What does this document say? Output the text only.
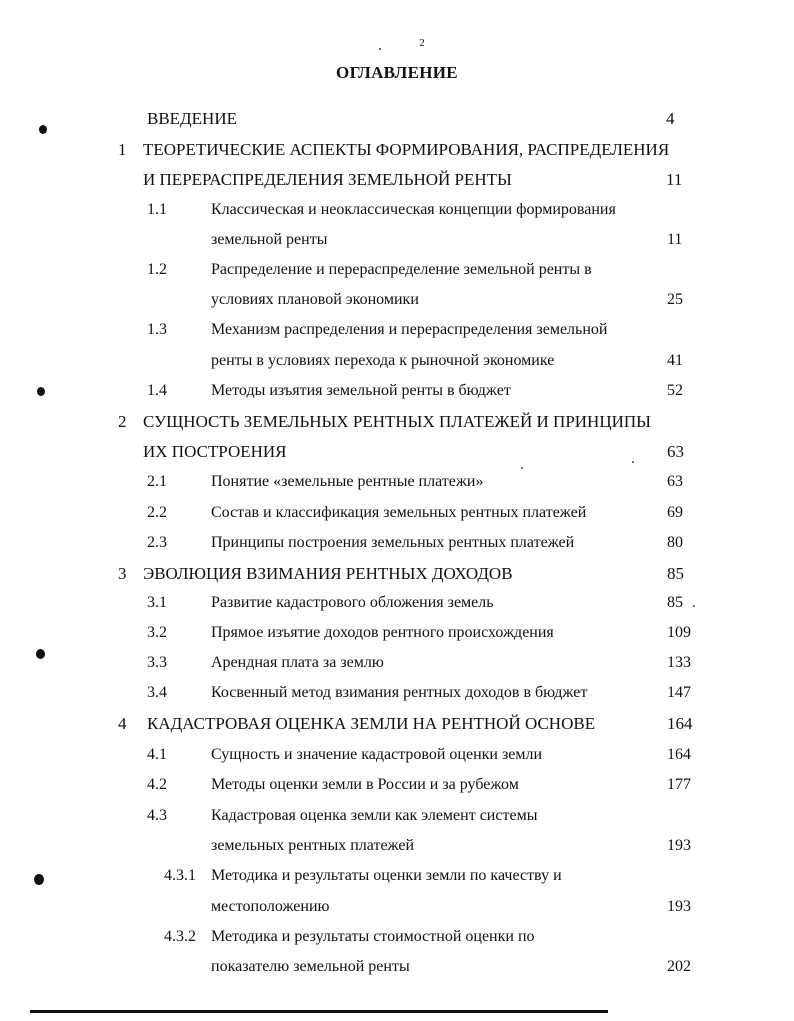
2
ОГЛАВЛЕНИЕ
ВВЕДЕНИЕ	4
1 ТЕОРЕТИЧЕСКИЕ АСПЕКТЫ ФОРМИРОВАНИЯ, РАСПРЕДЕЛЕНИЯ
И ПЕРЕРАСПРЕДЕЛЕНИЯ ЗЕМЕЛЬНОЙ РЕНТЫ	11
1.1	Классическая и неоклассическая концепции формирования
земельной ренты	11
1.2	Распределение и перераспределение земельной ренты в
условиях плановой экономики	25
1.3	Механизм распределения и перераспределения земельной
ренты в условиях перехода к рыночной экономике	41
1.4	Методы изъятия земельной ренты в бюджет	52
2 СУЩНОСТЬ ЗЕМЕЛЬНЫХ РЕНТНЫХ ПЛАТЕЖЕЙ И ПРИНЦИПЫ
ИХ ПОСТРОЕНИЯ	63
2.1	Понятие «земельные рентные платежи»	63
2.2	Состав и классификация земельных рентных платежей	69
2.3	Принципы построения земельных рентных платежей	80
3 ЭВОЛЮЦИЯ ВЗИМАНИЯ РЕНТНЫХ ДОХОДОВ	85
3.1	Развитие кадастрового обложения земель	85
3.2	Прямое изъятие доходов рентного происхождения	109
3.3	Арендная плата за землю	133
3.4	Косвенный метод взимания рентных доходов в бюджет	147
4 КАДАСТРОВАЯ ОЦЕНКА ЗЕМЛИ НА РЕНТНОЙ ОСНОВЕ	164
4.1	Сущность и значение кадастровой оценки земли	164
4.2	Методы оценки земли в России и за рубежом	177
4.3	Кадастровая оценка земли как элемент системы
земельных рентных платежей	193
4.3.1 Методика и результаты оценки земли по качеству и
местоположению	193
4.3.2 Методика и результаты стоимостной оценки по
показателю земельной ренты	202
